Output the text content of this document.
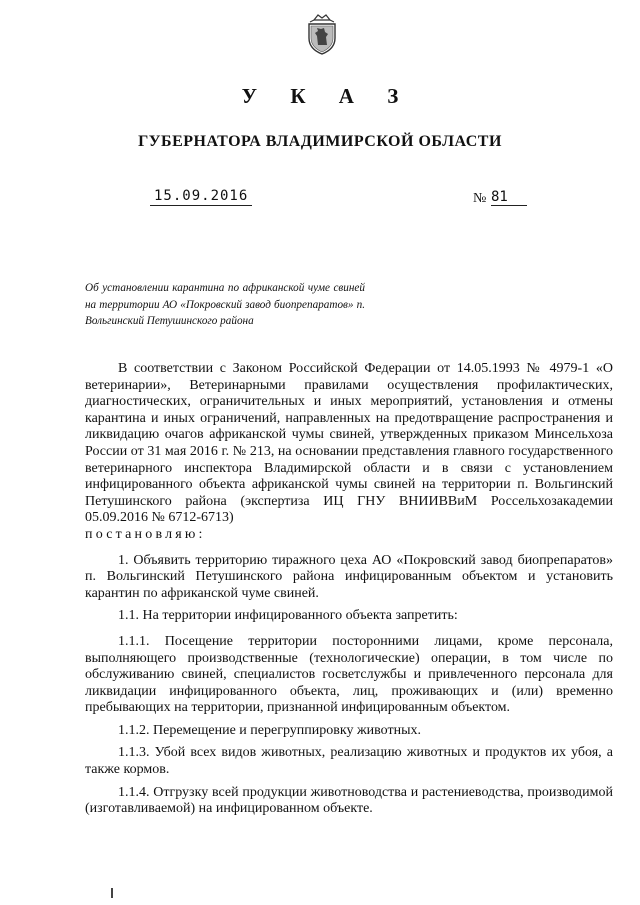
У К А З
ГУБЕРНАТОРА ВЛАДИМИРСКОЙ ОБЛАСТИ
15.09.2016	№ 81
Об установлении карантина по африканской чуме свиней на территории АО «Покровский завод биопрепаратов» п. Вольгинский Петушинского района

В соответствии с Законом Российской Федерации от 14.05.1993 № 4979-1 «О ветеринарии», Ветеринарными правилами осуществления профилактических, диагностических, ограничительных и иных мероприятий, установления и отмены карантина и иных ограничений, направленных на предотвращение распространения и ликвидацию очагов африканской чумы свиней, утвержденных приказом Минсельхоза России от 31 мая 2016 г. № 213, на основании представления главного государственного ветеринарного инспектора Владимирской области и в связи с установлением инфицированного объекта африканской чумы свиней на территории п. Вольгинский Петушинского района (экспертиза ИЦ ГНУ ВНИИВВиМ Россельхозакадемии 05.09.2016 № 6712-6713)

постановляю:

1. Объявить территорию тиражного цеха АО «Покровский завод биопрепаратов» п. Вольгинский Петушинского района инфицированным объектом и установить карантин по африканской чуме свиней.

1.1. На территории инфицированного объекта запретить:

1.1.1. Посещение территории посторонними лицами, кроме персонала, выполняющего производственные (технологические) операции, в том числе по обслуживанию свиней, специалистов госветслужбы и привлеченного персонала для ликвидации инфицированного объекта, лиц, проживающих и (или) временно пребывающих на территории, признанной инфицированным объектом.

1.1.2. Перемещение и перегруппировку животных.

1.1.3. Убой всех видов животных, реализацию животных и продуктов их убоя, а также кормов.

1.1.4. Отгрузку всей продукции животноводства и растениеводства, производимой (изготавливаемой) на инфицированном объекте.
